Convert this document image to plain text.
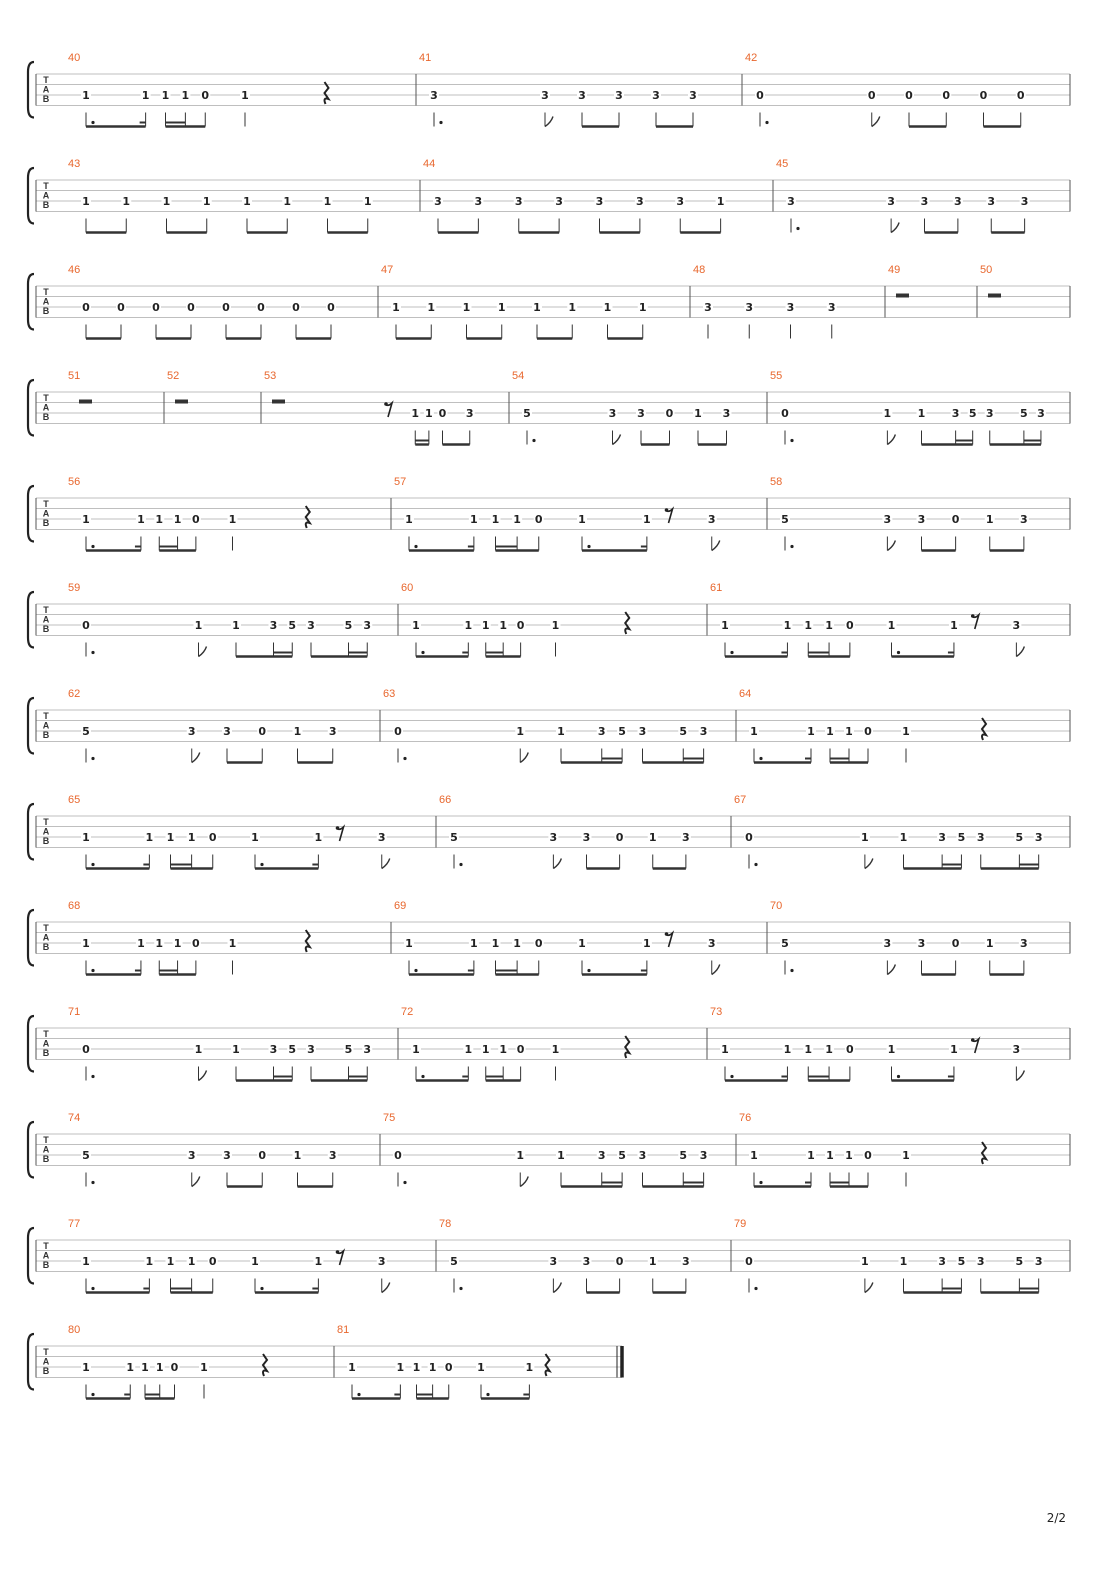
T
A
B
40
1	1 1 1 0	1
41
3	3	3	3	3	3
42
0	0	0	0	0	0
T
A
B
43
1	1	1	1	1	1	1	1
44
3	3	3	3	3	3	3	1
45
3	3 3 3 3 3
T
A
B
46
0 0 0 0 0 0 0 0
47
1	1	1	1	1	1	1	1
48
3	3	3	3
49	50
T
A
B
51	52	53
1 1 0 3
54
5	3 3 0 1 3
55
0	1 1 3 5 3 5 3
T
A
B
56
1	1 1 1 0	1
57
1	1 1 1 0	1	1	3
58
5	3 3 0 1 3
T
A
B
59
0	1	1	3 5 3	5 3
60
1	1 1 1 0 1
61
1	1 1 1 0	1	1	3
T
A
B
62
5	3	3	0	1	3
63
0	1	1	3 5 3	5 3
64
1	1 1 1 0	1
T
A
B
65
1	1 1 1 0	1	1	3
66
5	3 3 0 1 3
67
0	1	1	3 5 3	5 3
T
A
B
68
1	1 1 1 0	1
69
1	1 1 1 0	1	1	3
70
5	3 3 0 1 3
T
A
B
71
0	1	1	3 5 3	5 3
72
1	1 1 1 0 1
73
1	1 1 1 0	1	1	3
T
A
B
74
5	3	3	0	1	3
75
0	1	1	3 5 3	5 3
76
1	1 1 1 0	1
T
A
B
77
1	1 1 1 0	1	1	3
78
5	3 3 0 1 3
79
0	1	1	3 5 3	5 3
T
A
B
80
1	1 1 1 0 1
81
1	1 1 1 0 1	1
2/2
